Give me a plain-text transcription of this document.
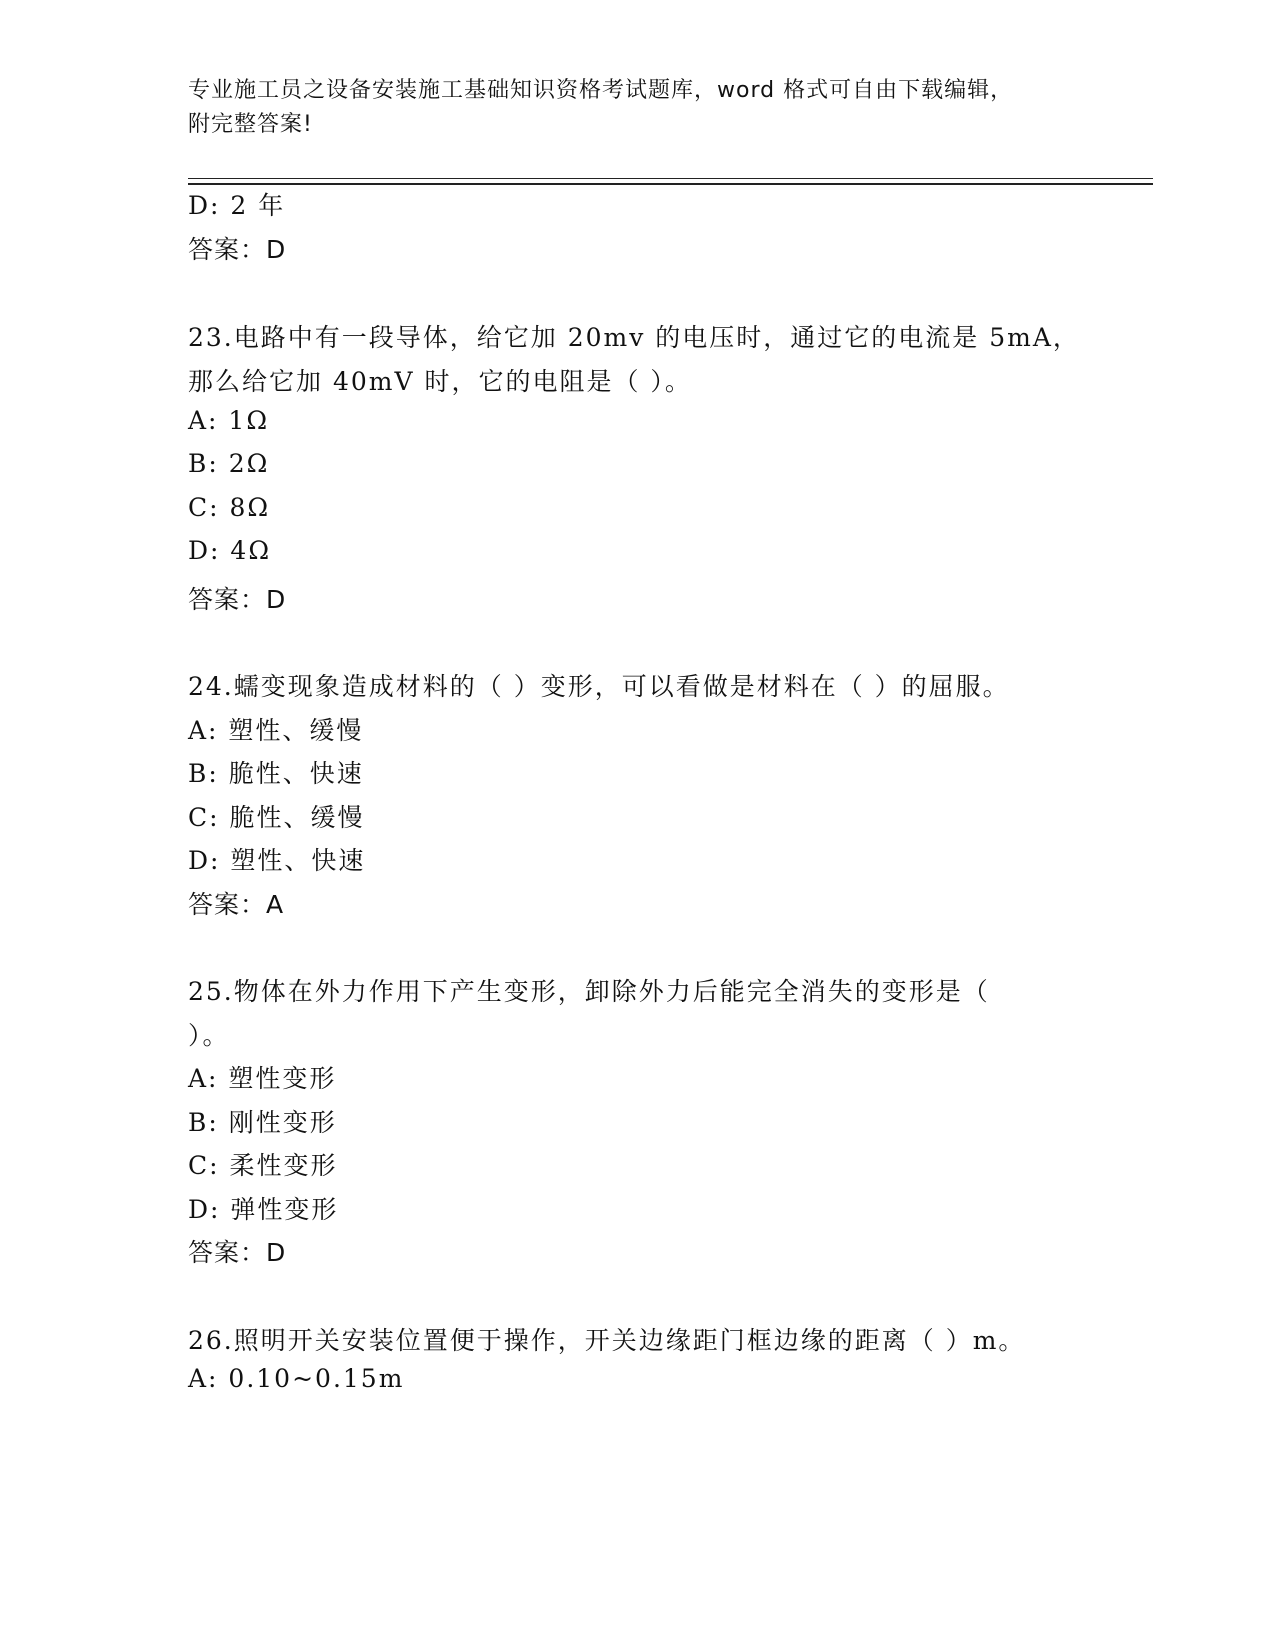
专业施工员之设备安装施工基础知识资格考试题库，word 格式可自由下载编辑，
附完整答案!
D: 2 年
答案：D
23.电路中有一段导体，给它加 20mv 的电压时，通过它的电流是 5mA，
那么给它加 40mV 时，它的电阻是（ ）。
A: 1Ω
B: 2Ω
C: 8Ω
D: 4Ω
答案：D
24.蠕变现象造成材料的（ ）变形，可以看做是材料在（ ）的屈服。
A: 塑性、缓慢
B: 脆性、快速
C: 脆性、缓慢
D: 塑性、快速
答案：A
25.物体在外力作用下产生变形，卸除外力后能完全消失的变形是（
）。
A: 塑性变形
B: 刚性变形
C: 柔性变形
D: 弹性变形
答案：D
26.照明开关安装位置便于操作，开关边缘距门框边缘的距离（ ）m。
A: 0.10~0.15m
